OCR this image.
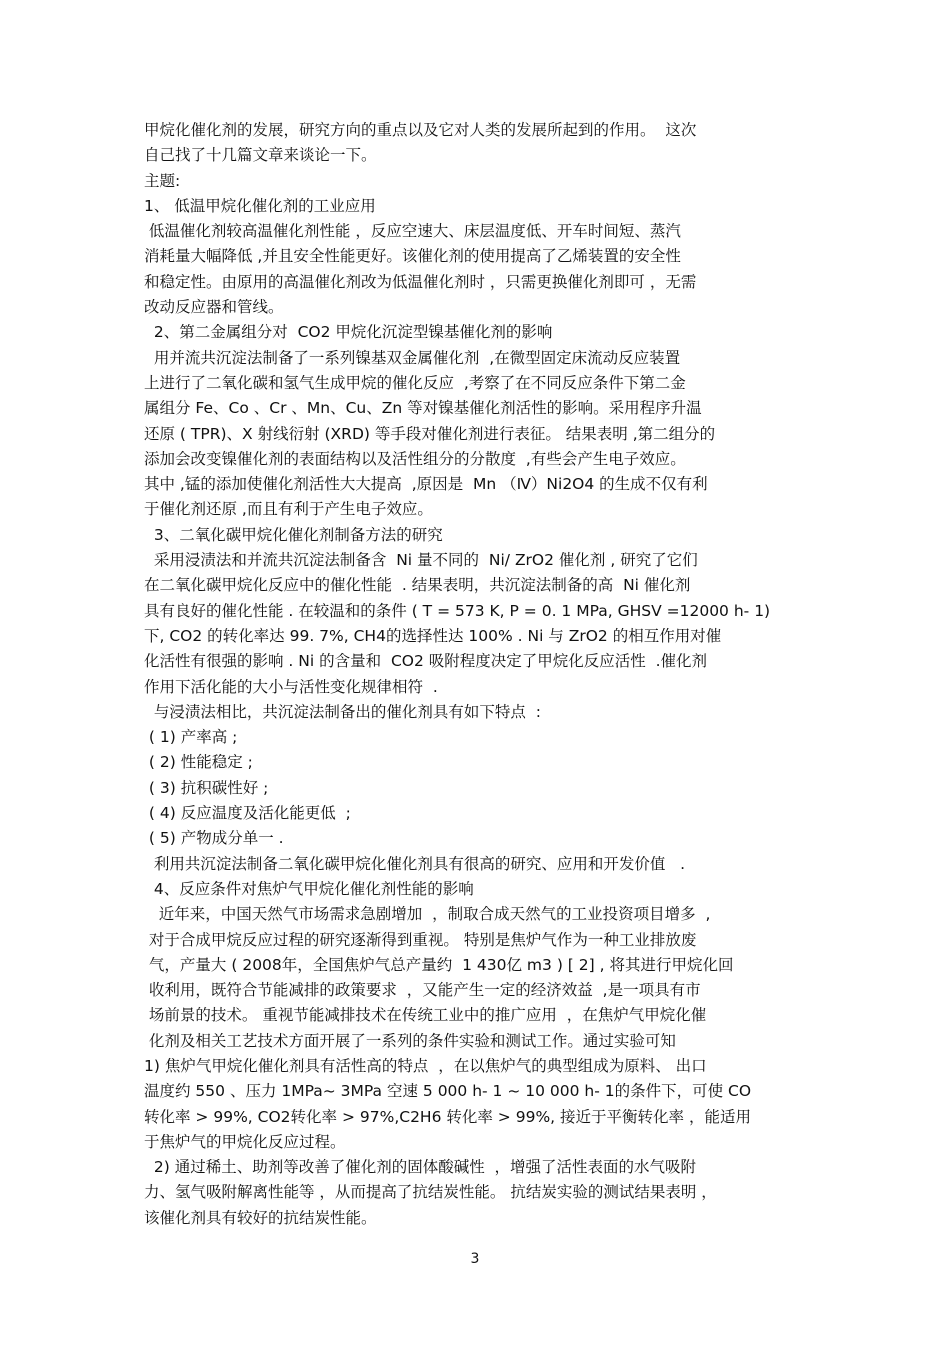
甲烷化催化剂的发展，研究方向的重点以及它对人类的发展所起到的作用。  这次
自己找了十几篇文章来谈论一下。
主题:
1、 低温甲烷化催化剂的工业应用
低温催化剂较高温催化剂性能 ，反应空速大、床层温度低、开车时间短、蒸汽
消耗量大幅降低 ,并且安全性能更好。该催化剂的使用提高了乙烯装置的安全性
和稳定性。由原用的高温催化剂改为低温催化剂时 ，只需更换催化剂即可 ，无需
改动反应器和管线。
2、第二金属组分对  CO2 甲烷化沉淀型镍基催化剂的影响
用并流共沉淀法制备了一系列镍基双金属催化剂  ,在微型固定床流动反应装置
上进行了二氧化碳和氢气生成甲烷的催化反应  ,考察了在不同反应条件下第二金
属组分 Fe、Co 、Cr 、Mn、Cu、Zn 等对镍基催化剂活性的影响。采用程序升温
还原 ( TPR)、X 射线衍射 (XRD) 等手段对催化剂进行表征。 结果表明 ,第二组分的
添加会改变镍催化剂的表面结构以及活性组分的分散度  ,有些会产生电子效应。
其中 ,锰的添加使催化剂活性大大提高  ,原因是  Mn （Ⅳ）Ni2O4 的生成不仅有利
于催化剂还原 ,而且有利于产生电子效应。
3、二氧化碳甲烷化催化剂制备方法的研究
采用浸渍法和并流共沉淀法制备含  Ni 量不同的  Ni/ ZrO2 催化剂 , 研究了它们
在二氧化碳甲烷化反应中的催化性能  . 结果表明，共沉淀法制备的高  Ni 催化剂
具有良好的催化性能 . 在较温和的条件 ( T = 573 K, P = 0. 1 MPa, GHSV =12000 h- 1)
下, CO2 的转化率达 99. 7%, CH4的选择性达 100% . Ni 与 ZrO2 的相互作用对催
化活性有很强的影响 . Ni 的含量和  CO2 吸附程度决定了甲烷化反应活性  .催化剂
作用下活化能的大小与活性变化规律相符  .
与浸渍法相比，共沉淀法制备出的催化剂具有如下特点  :
( 1) 产率高 ;
( 2) 性能稳定 ;
( 3) 抗积碳性好 ;
( 4) 反应温度及活化能更低  ;
( 5) 产物成分单一 .
利用共沉淀法制备二氧化碳甲烷化催化剂具有很高的研究、应用和开发价值   .
4、反应条件对焦炉气甲烷化催化剂性能的影响
近年来，中国天然气市场需求急剧增加  ，制取合成天然气的工业投资项目增多  ,
对于合成甲烷反应过程的研究逐渐得到重视。 特别是焦炉气作为一种工业排放废
气，产量大 ( 2008年，全国焦炉气总产量约  1 430亿 m3 ) [ 2] , 将其进行甲烷化回
收利用，既符合节能减排的政策要求  ，又能产生一定的经济效益  ,是一项具有市
场前景的技术。 重视节能减排技术在传统工业中的推广应用  ，在焦炉气甲烷化催
化剂及相关工艺技术方面开展了一系列的条件实验和测试工作。通过实验可知
1) 焦炉气甲烷化催化剂具有活性高的特点  ，在以焦炉气的典型组成为原料、 出口
温度约 550 、压力 1MPa~ 3MPa 空速 5 000 h- 1 ~ 10 000 h- 1的条件下，可使 CO
转化率 > 99%, CO2转化率 > 97%,C2H6 转化率 > 99%, 接近于平衡转化率 ，能适用
于焦炉气的甲烷化反应过程。
2) 通过稀土、助剂等改善了催化剂的固体酸碱性  ，增强了活性表面的水气吸附
力、氢气吸附解离性能等 ，从而提高了抗结炭性能。 抗结炭实验的测试结果表明 ，
该催化剂具有较好的抗结炭性能。
3
